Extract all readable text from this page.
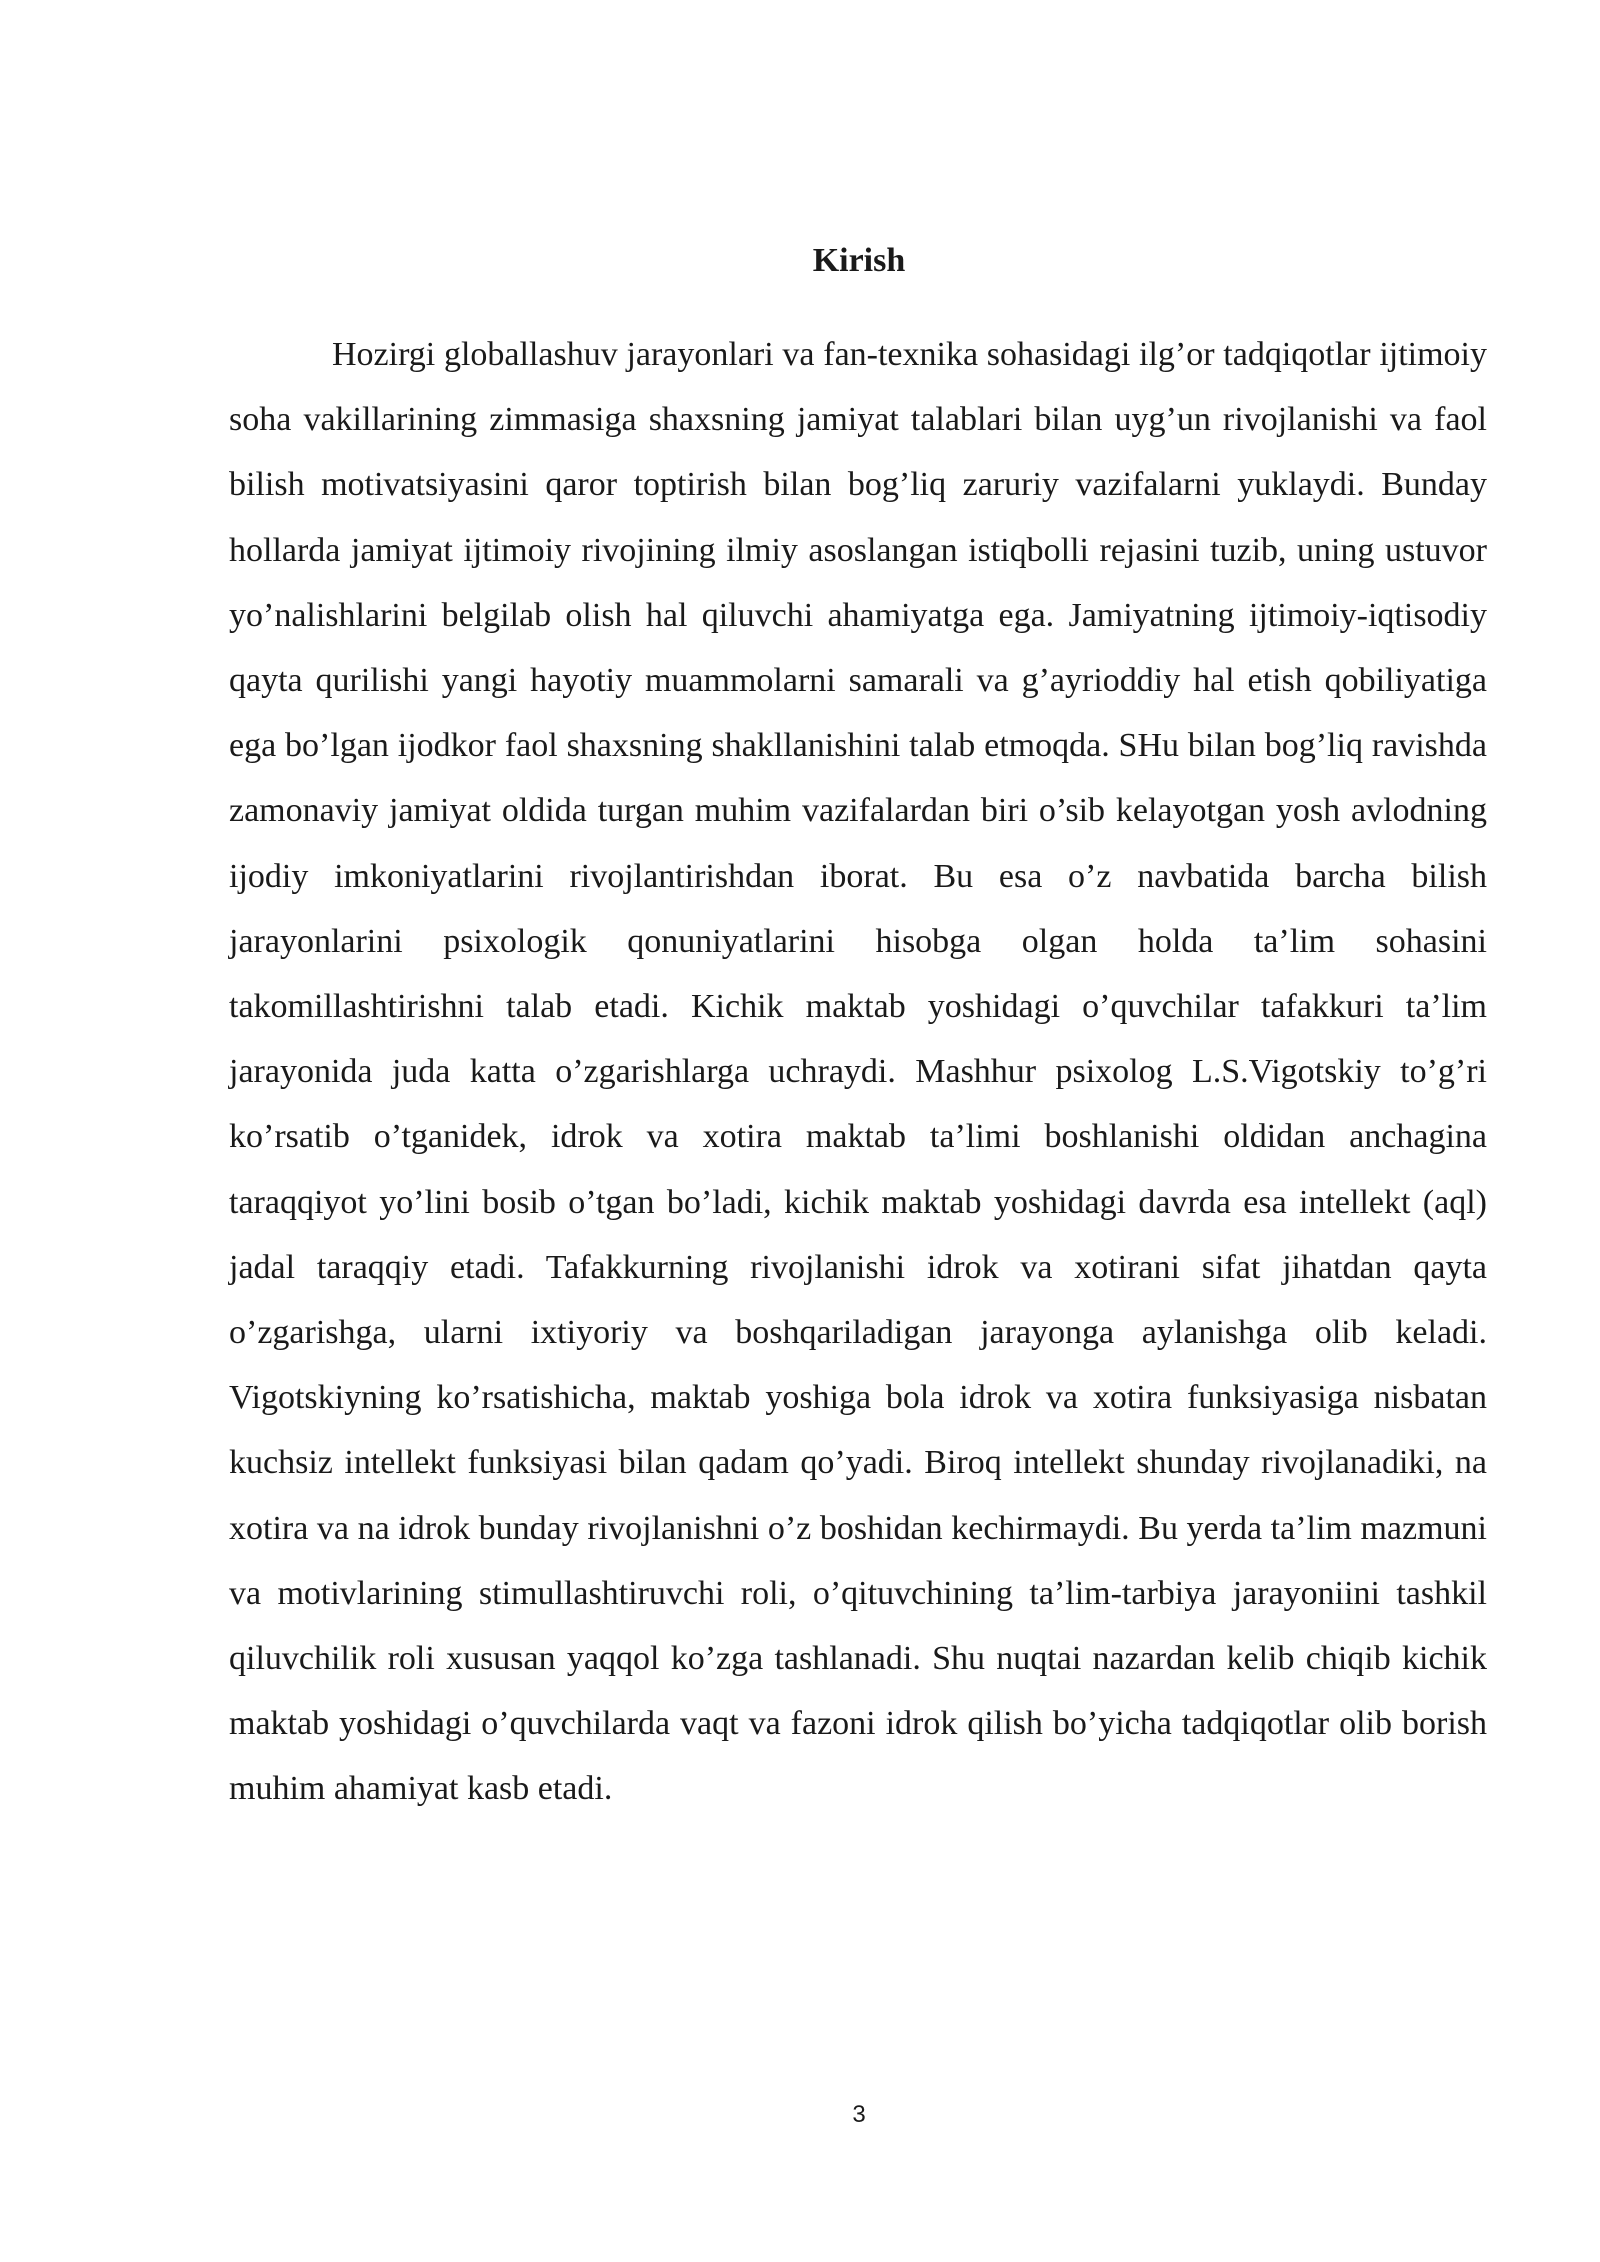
Kirish

Hozirgi globallashuv jarayonlari va fan-texnika sohasidagi ilg’or tadqiqotlar ijtimoiy soha vakillarining zimmasiga shaxsning jamiyat talablari bilan uyg’un rivojlanishi va faol bilish motivatsiyasini qaror toptirish bilan bog’liq zaruriy vazifalarni yuklaydi. Bunday hollarda jamiyat ijtimoiy rivojining ilmiy asoslangan istiqbolli rejasini tuzib, uning ustuvor yo’nalishlarini belgilab olish hal qiluvchi ahamiyatga ega. Jamiyatning ijtimoiy-iqtisodiy qayta qurilishi yangi hayotiy muammolarni samarali va g’ayrioddiy hal etish qobiliyatiga ega bo’lgan ijodkor faol shaxsning shakllanishini talab etmoqda. SHu bilan bog’liq ravishda zamonaviy jamiyat oldida turgan muhim vazifalardan biri o’sib kelayotgan yosh avlodning ijodiy imkoniyatlarini rivojlantirishdan iborat. Bu esa o’z navbatida barcha bilish jarayonlarini psixologik qonuniyatlarini hisobga olgan holda ta’lim sohasini takomillashtirishni talab etadi. Kichik maktab yoshidagi o’quvchilar tafakkuri ta’lim jarayonida juda katta o’zgarishlarga uchraydi. Mashhur psixolog L.S.Vigotskiy to’g’ri ko’rsatib o’tganidek, idrok va xotira maktab ta’limi boshlanishi oldidan anchagina taraqqiyot yo’lini bosib o’tgan bo’ladi, kichik maktab yoshidagi davrda esa intellekt (aql) jadal taraqqiy etadi. Tafakkurning rivojlanishi idrok va xotirani sifat jihatdan qayta o’zgarishga, ularni ixtiyoriy va boshqariladigan jarayonga aylanishga olib keladi. Vigotskiyning ko’rsatishicha, maktab yoshiga bola idrok va xotira funksiyasiga nisbatan kuchsiz intellekt funksiyasi bilan qadam qo’yadi. Biroq intellekt shunday rivojlanadiki, na xotira va na idrok bunday rivojlanishni o’z boshidan kechirmaydi. Bu yerda ta’lim mazmuni va motivlarining stimullashtiruvchi roli, o’qituvchining ta’lim-tarbiya jarayoniini tashkil qiluvchilik roli xususan yaqqol ko’zga tashlanadi. Shu nuqtai nazardan kelib chiqib kichik maktab yoshidagi o’quvchilarda vaqt va fazoni idrok qilish bo’yicha tadqiqotlar olib borish muhim ahamiyat kasb etadi.

3
